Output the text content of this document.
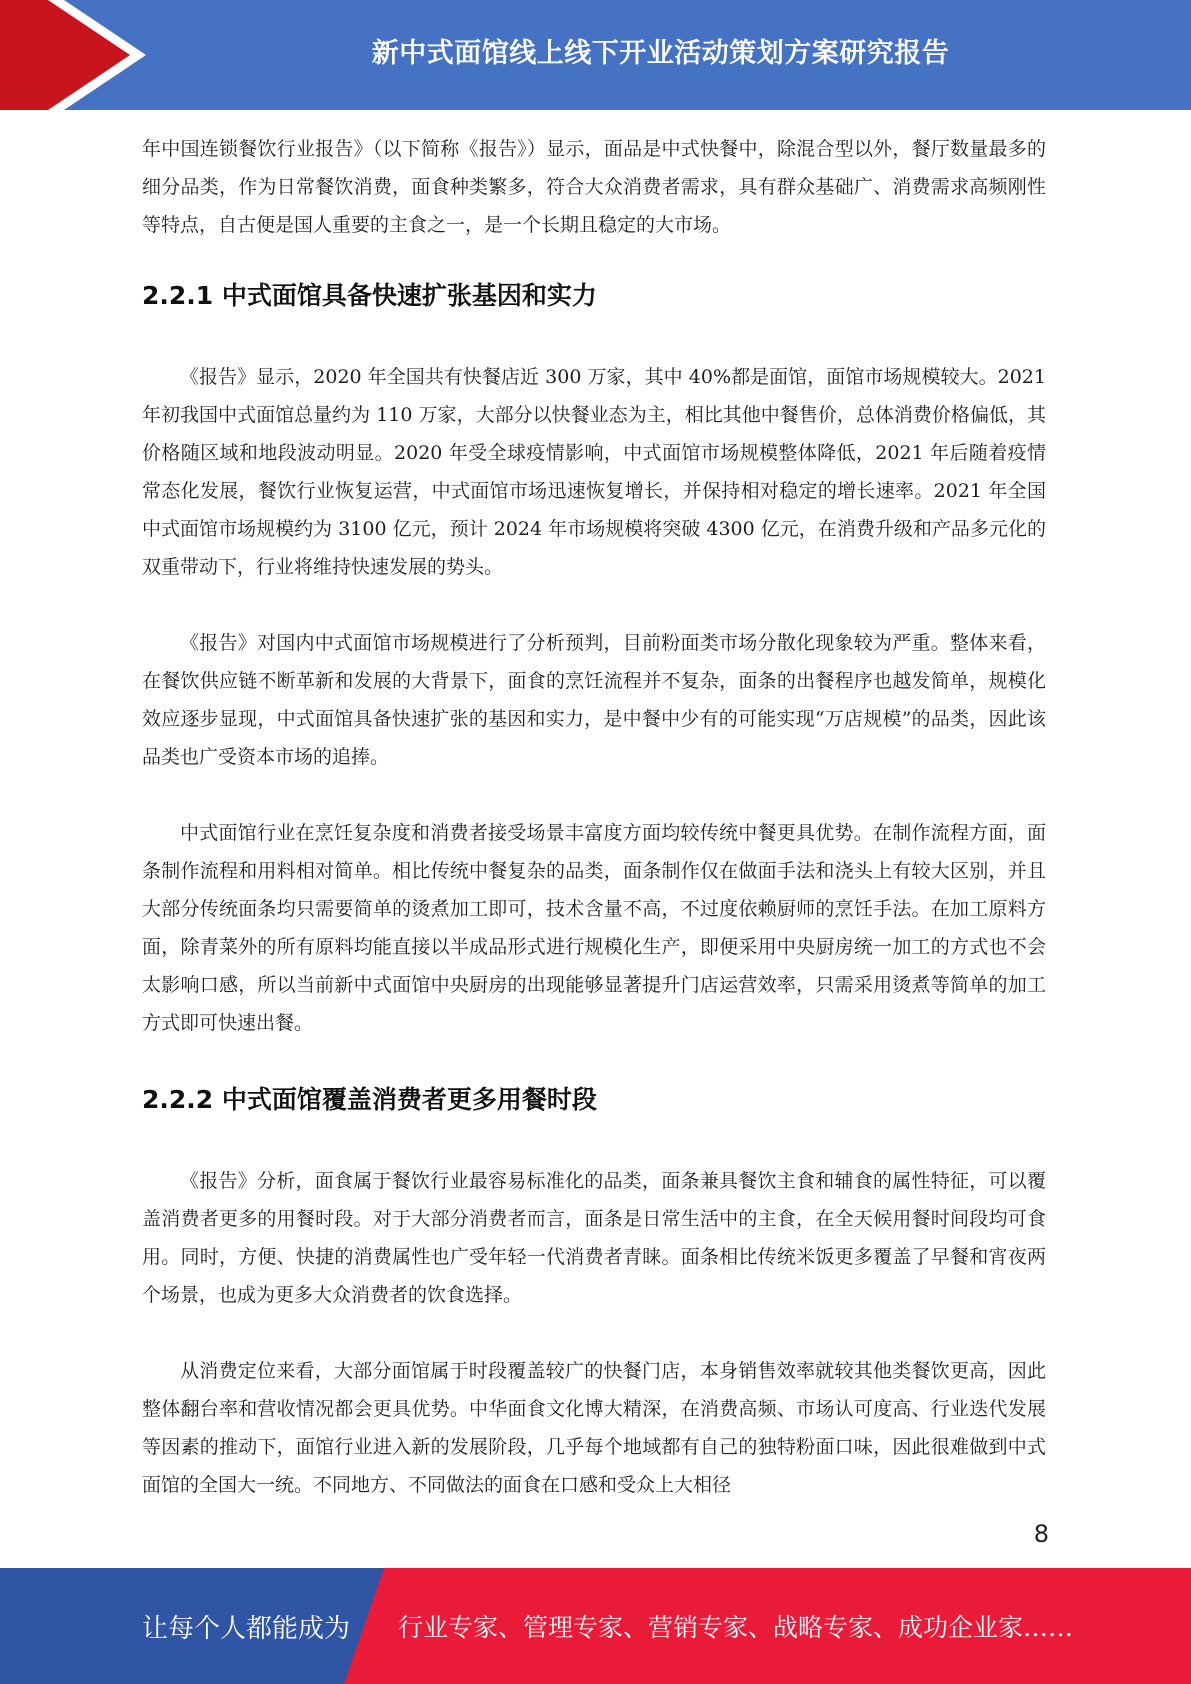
新中式面馆线上线下开业活动策划方案研究报告

年中国连锁餐饮行业报告》（以下简称《报告》）显示，面品是中式快餐中，除混合型以外，餐厅数量最多的细分品类，作为日常餐饮消费，面食种类繁多，符合大众消费者需求，具有群众基础广、消费需求高频刚性等特点，自古便是国人重要的主食之一，是一个长期且稳定的大市场。

2.2.1 中式面馆具备快速扩张基因和实力

《报告》显示，2020 年全国共有快餐店近 300 万家，其中 40%都是面馆，面馆市场规模较大。2021 年初我国中式面馆总量约为 110 万家，大部分以快餐业态为主，相比其他中餐售价，总体消费价格偏低，其价格随区域和地段波动明显。2020 年受全球疫情影响，中式面馆市场规模整体降低，2021 年后随着疫情常态化发展，餐饮行业恢复运营，中式面馆市场迅速恢复增长，并保持相对稳定的增长速率。2021 年全国中式面馆市场规模约为 3100 亿元，预计 2024 年市场规模将突破 4300 亿元，在消费升级和产品多元化的双重带动下，行业将维持快速发展的势头。

《报告》对国内中式面馆市场规模进行了分析预判，目前粉面类市场分散化现象较为严重。整体来看，在餐饮供应链不断革新和发展的大背景下，面食的烹饪流程并不复杂，面条的出餐程序也越发简单，规模化效应逐步显现，中式面馆具备快速扩张的基因和实力，是中餐中少有的可能实现“万店规模”的品类，因此该品类也广受资本市场的追捧。

中式面馆行业在烹饪复杂度和消费者接受场景丰富度方面均较传统中餐更具优势。在制作流程方面，面条制作流程和用料相对简单。相比传统中餐复杂的品类，面条制作仅在做面手法和浇头上有较大区别，并且大部分传统面条均只需要简单的烫煮加工即可，技术含量不高，不过度依赖厨师的烹饪手法。在加工原料方面，除青菜外的所有原料均能直接以半成品形式进行规模化生产，即便采用中央厨房统一加工的方式也不会太影响口感，所以当前新中式面馆中央厨房的出现能够显著提升门店运营效率，只需采用烫煮等简单的加工方式即可快速出餐。

2.2.2 中式面馆覆盖消费者更多用餐时段

《报告》分析，面食属于餐饮行业最容易标准化的品类，面条兼具餐饮主食和辅食的属性特征，可以覆盖消费者更多的用餐时段。对于大部分消费者而言，面条是日常生活中的主食，在全天候用餐时间段均可食用。同时，方便、快捷的消费属性也广受年轻一代消费者青睐。面条相比传统米饭更多覆盖了早餐和宵夜两个场景，也成为更多大众消费者的饮食选择。

从消费定位来看，大部分面馆属于时段覆盖较广的快餐门店，本身销售效率就较其他类餐饮更高，因此整体翻台率和营收情况都会更具优势。中华面食文化博大精深，在消费高频、市场认可度高、行业迭代发展等因素的推动下，面馆行业进入新的发展阶段，几乎每个地域都有自己的独特粉面口味，因此很难做到中式面馆的全国大一统。不同地方、不同做法的面食在口感和受众上大相径

8
让每个人都能成为 行业专家、管理专家、营销专家、战略专家、成功企业家……
